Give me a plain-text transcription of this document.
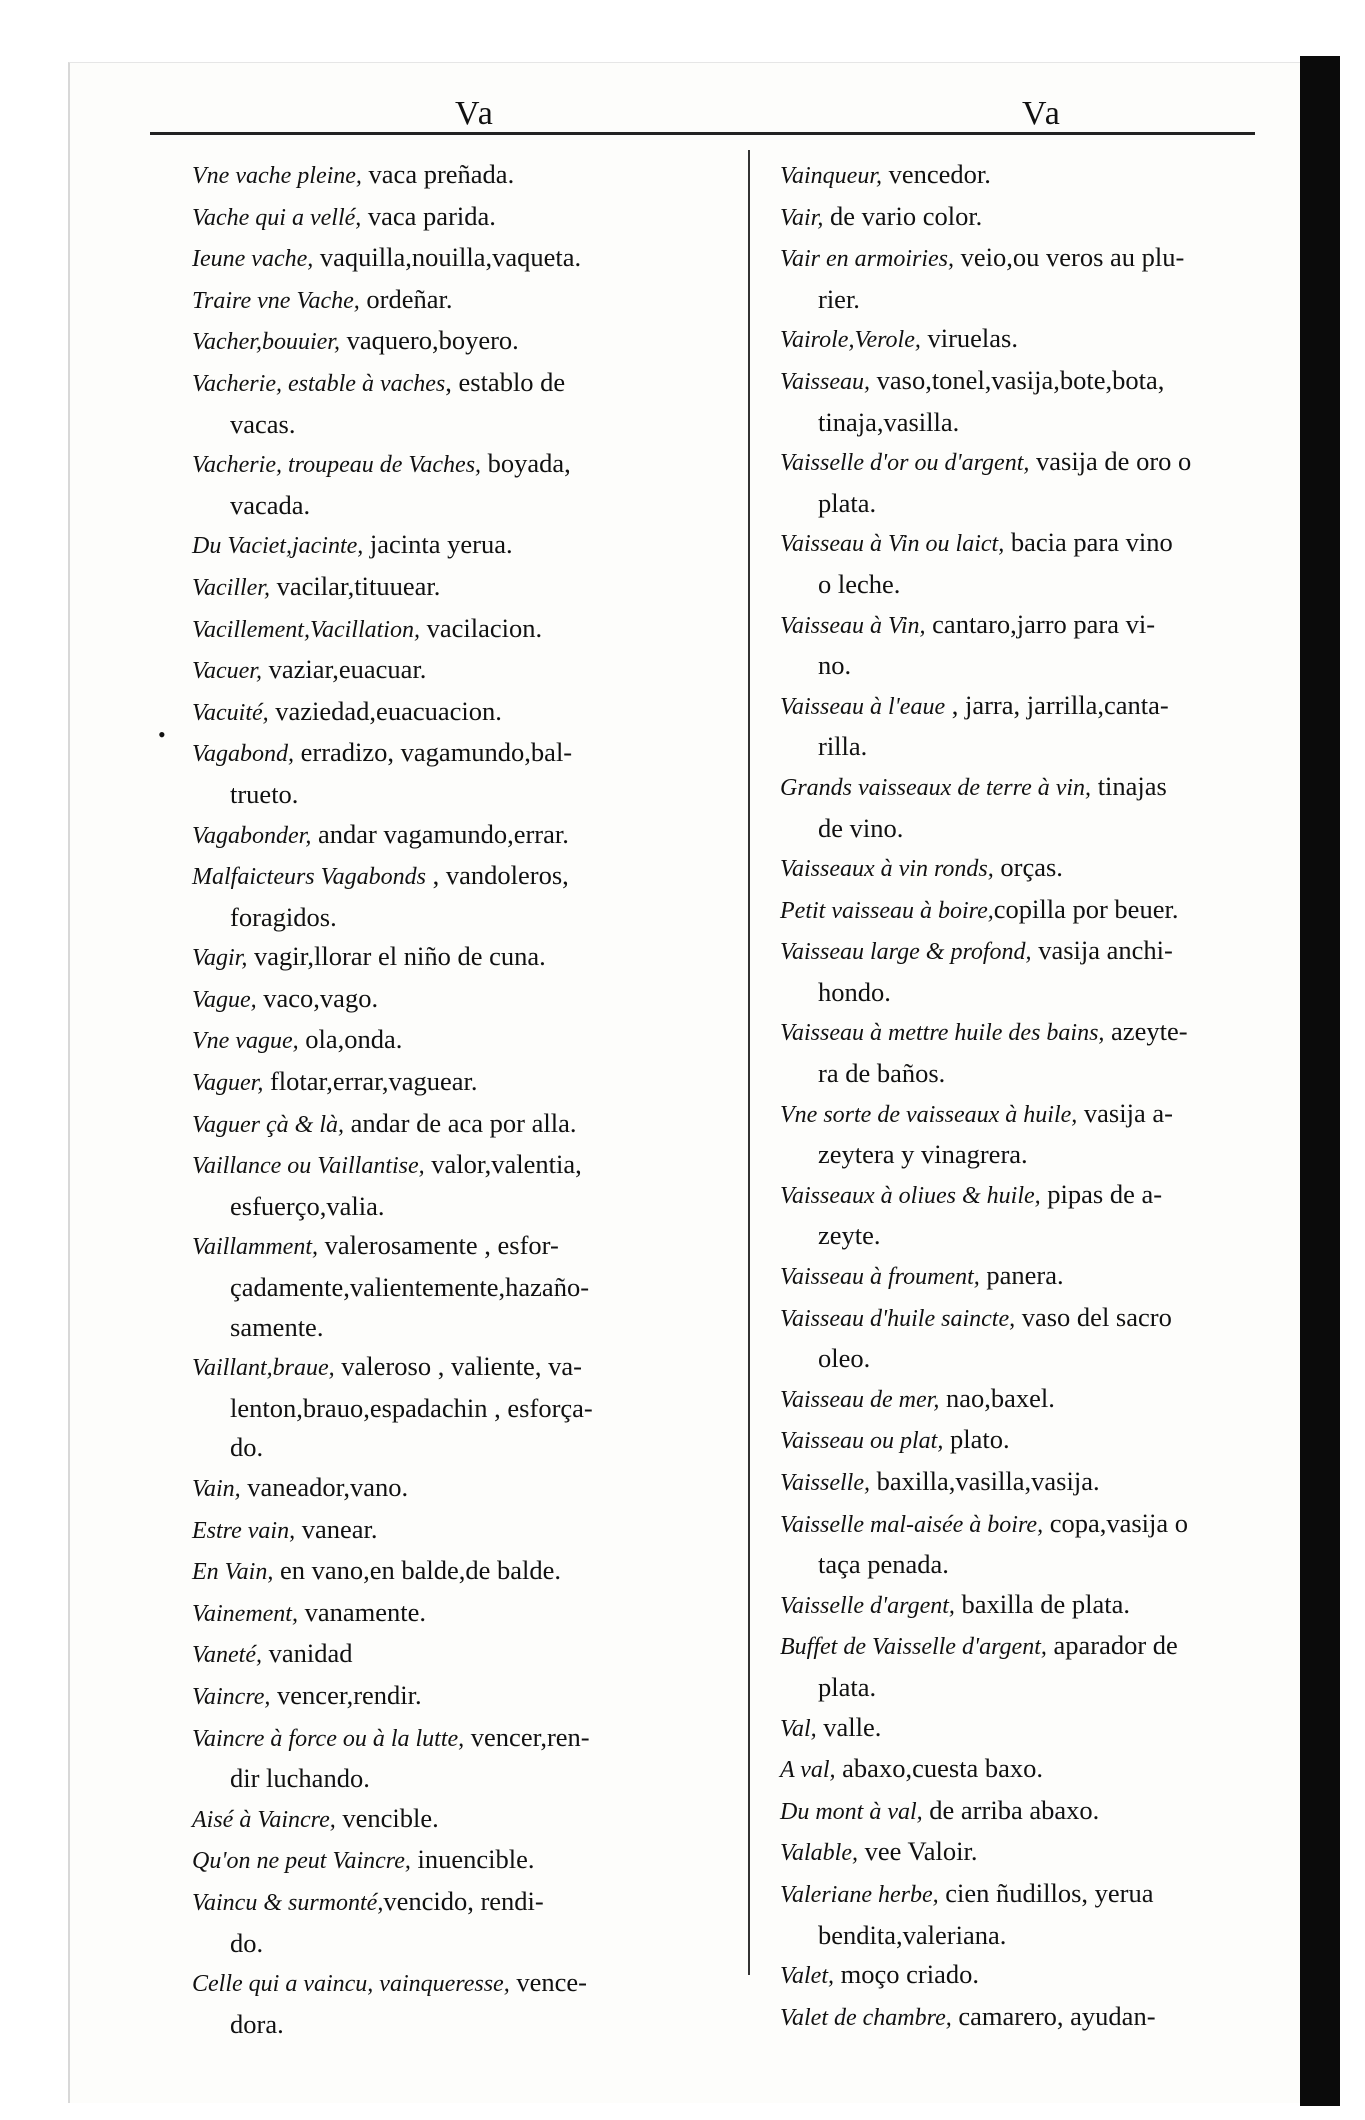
Va	Va
•
Vne vache pleine, vaca preñada.
Vache qui a vellé, vaca parida.
Ieune vache, vaquilla,nouilla,vaqueta.
Traire vne Vache, ordeñar.
Vacher,bouuier, vaquero,boyero.
Vacherie, estable à vaches, establo de
vacas.
Vacherie, troupeau de Vaches, boyada,
vacada.
Du Vaciet,jacinte, jacinta yerua.
Vaciller, vacilar,tituuear.
Vacillement,Vacillation, vacilacion.
Vacuer, vaziar,euacuar.
Vacuité, vaziedad,euacuacion.
Vagabond, erradizo, vagamundo,bal-
trueto.
Vagabonder, andar vagamundo,errar.
Malfaicteurs Vagabonds , vandoleros,
foragidos.
Vagir, vagir,llorar el niño de cuna.
Vague, vaco,vago.
Vne vague, ola,onda.
Vaguer, flotar,errar,vaguear.
Vaguer çà & là, andar de aca por alla.
Vaillance ou Vaillantise, valor,valentia,
esfuerço,valia.
Vaillamment, valerosamente , esfor-
çadamente,valientemente,hazaño-
samente.
Vaillant,braue, valeroso , valiente, va-
lenton,brauo,espadachin , esforça-
do.
Vain, vaneador,vano.
Estre vain, vanear.
En Vain, en vano,en balde,de balde.
Vainement, vanamente.
Vaneté, vanidad
Vaincre, vencer,rendir.
Vaincre à force ou à la lutte, vencer,ren-
dir luchando.
Aisé à Vaincre, vencible.
Qu'on ne peut Vaincre, inuencible.
Vaincu & surmonté,vencido, rendi-
do.
Celle qui a vaincu, vainqueresse, vence-
dora.
Vainqueur, vencedor.
Vair, de vario color.
Vair en armoiries, veio,ou veros au plu-
rier.
Vairole,Verole, viruelas.
Vaisseau, vaso,tonel,vasija,bote,bota,
tinaja,vasilla.
Vaisselle d'or ou d'argent, vasija de oro o
plata.
Vaisseau à Vin ou laict, bacia para vino
o leche.
Vaisseau à Vin, cantaro,jarro para vi-
no.
Vaisseau à l'eaue , jarra, jarrilla,canta-
rilla.
Grands vaisseaux de terre à vin, tinajas
de vino.
Vaisseaux à vin ronds, orças.
Petit vaisseau à boire,copilla por beuer.
Vaisseau large & profond, vasija anchi-
hondo.
Vaisseau à mettre huile des bains, azeyte-
ra de baños.
Vne sorte de vaisseaux à huile, vasija a-
zeytera y vinagrera.
Vaisseaux à oliues & huile, pipas de a-
zeyte.
Vaisseau à froument, panera.
Vaisseau d'huile saincte, vaso del sacro
oleo.
Vaisseau de mer, nao,baxel.
Vaisseau ou plat, plato.
Vaisselle, baxilla,vasilla,vasija.
Vaisselle mal-aisée à boire, copa,vasija o
taça penada.
Vaisselle d'argent, baxilla de plata.
Buffet de Vaisselle d'argent, aparador de
plata.
Val, valle.
A val, abaxo,cuesta baxo.
Du mont à val, de arriba abaxo.
Valable, vee Valoir.
Valeriane herbe, cien ñudillos, yerua
bendita,valeriana.
Valet, moço criado.
Valet de chambre, camarero, ayudan-
